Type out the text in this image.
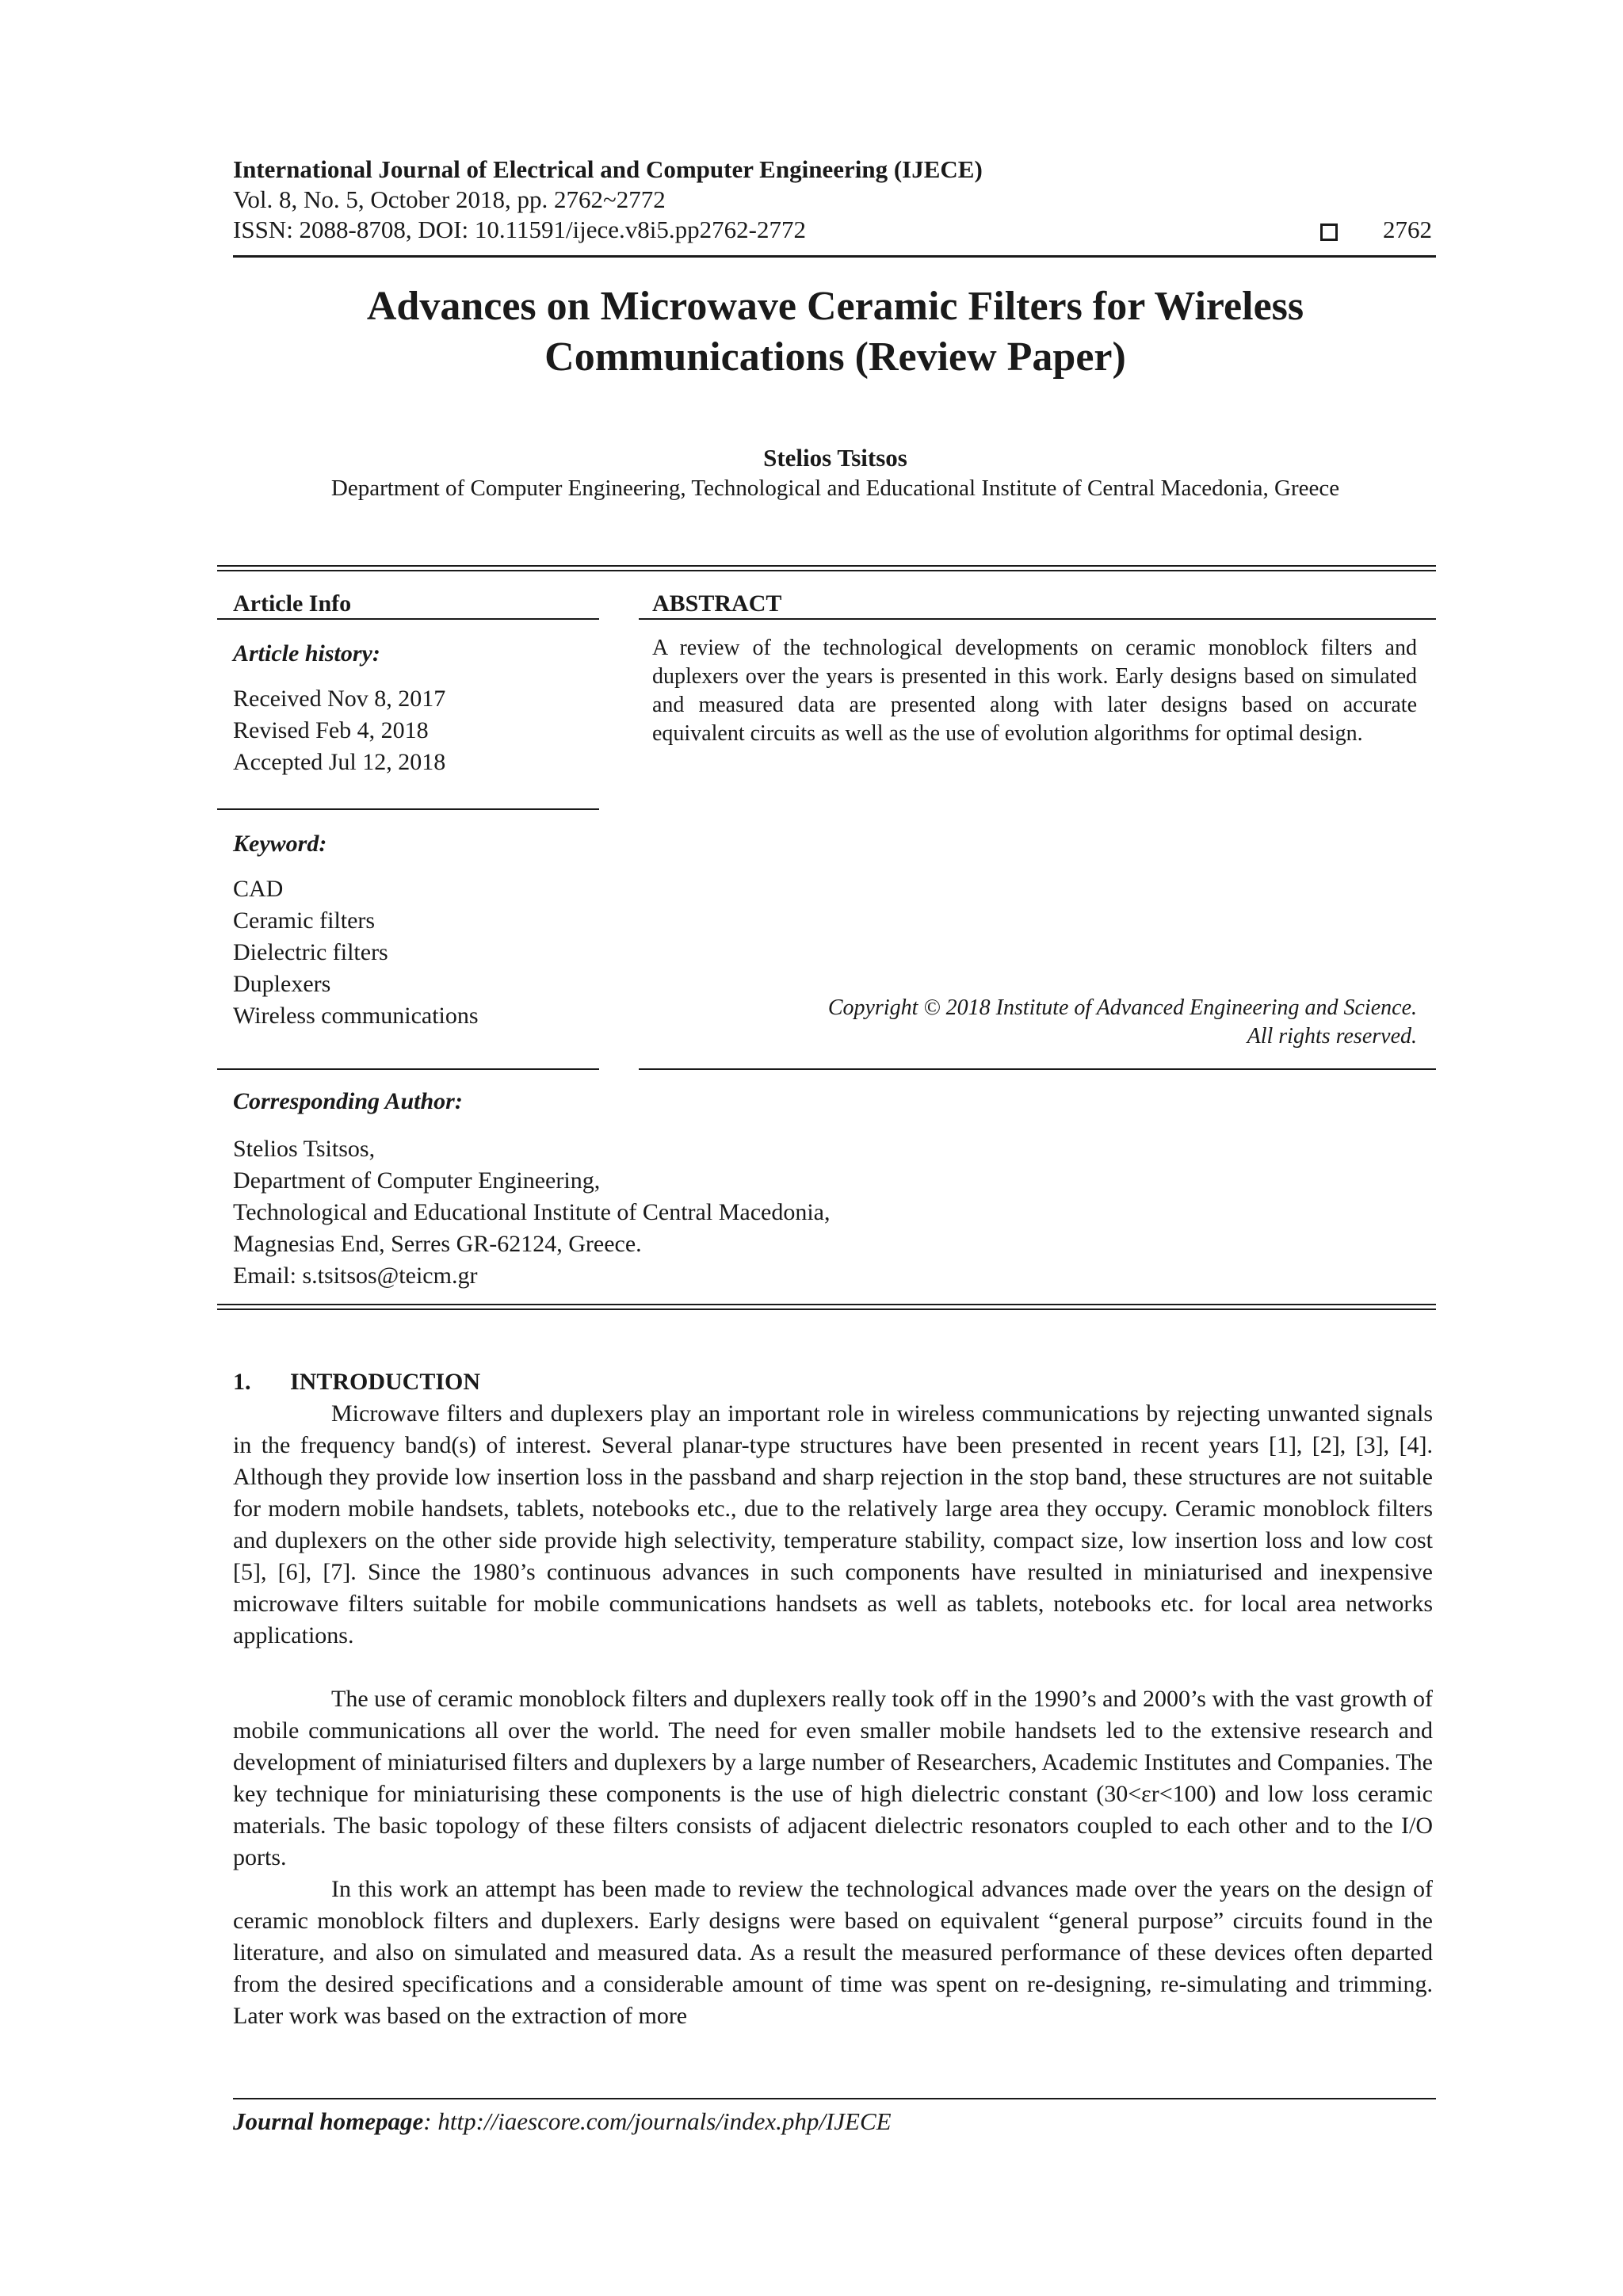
International Journal of Electrical and Computer Engineering (IJECE)
Vol. 8, No. 5, October 2018, pp. 2762~2772
ISSN: 2088-8708, DOI: 10.11591/ijece.v8i5.pp2762-2772	2762
Advances on Microwave Ceramic Filters for Wireless Communications (Review Paper)
Stelios Tsitsos
Department of Computer Engineering, Technological and Educational Institute of Central Macedonia, Greece
Article Info
Article history:
Received Nov 8, 2017
Revised Feb 4, 2018
Accepted Jul 12, 2018
Keyword:
CAD
Ceramic filters
Dielectric filters
Duplexers
Wireless communications
ABSTRACT
A review of the technological developments on ceramic monoblock filters and duplexers over the years is presented in this work. Early designs based on simulated and measured data are presented along with later designs based on accurate equivalent circuits as well as the use of evolution algorithms for optimal design.
Copyright © 2018 Institute of Advanced Engineering and Science.
All rights reserved.
Corresponding Author:
Stelios Tsitsos,
Department of Computer Engineering,
Technological and Educational Institute of Central Macedonia,
Magnesias End, Serres GR-62124, Greece.
Email: s.tsitsos@teicm.gr
1. INTRODUCTION
Microwave filters and duplexers play an important role in wireless communications by rejecting unwanted signals in the frequency band(s) of interest. Several planar-type structures have been presented in recent years [1], [2], [3], [4]. Although they provide low insertion loss in the passband and sharp rejection in the stop band, these structures are not suitable for modern mobile handsets, tablets, notebooks etc., due to the relatively large area they occupy. Ceramic monoblock filters and duplexers on the other side provide high selectivity, temperature stability, compact size, low insertion loss and low cost [5], [6], [7]. Since the 1980’s continuous advances in such components have resulted in miniaturised and inexpensive microwave filters suitable for mobile communications handsets as well as tablets, notebooks etc. for local area networks applications.
The use of ceramic monoblock filters and duplexers really took off in the 1990’s and 2000’s with the vast growth of mobile communications all over the world. The need for even smaller mobile handsets led to the extensive research and development of miniaturised filters and duplexers by a large number of Researchers, Academic Institutes and Companies. The key technique for miniaturising these components is the use of high dielectric constant (30<εr<100) and low loss ceramic materials. The basic topology of these filters consists of adjacent dielectric resonators coupled to each other and to the I/O ports.
In this work an attempt has been made to review the technological advances made over the years on the design of ceramic monoblock filters and duplexers. Early designs were based on equivalent “general purpose” circuits found in the literature, and also on simulated and measured data. As a result the measured performance of these devices often departed from the desired specifications and a considerable amount of time was spent on re-designing, re-simulating and trimming. Later work was based on the extraction of more
Journal homepage: http://iaescore.com/journals/index.php/IJECE
